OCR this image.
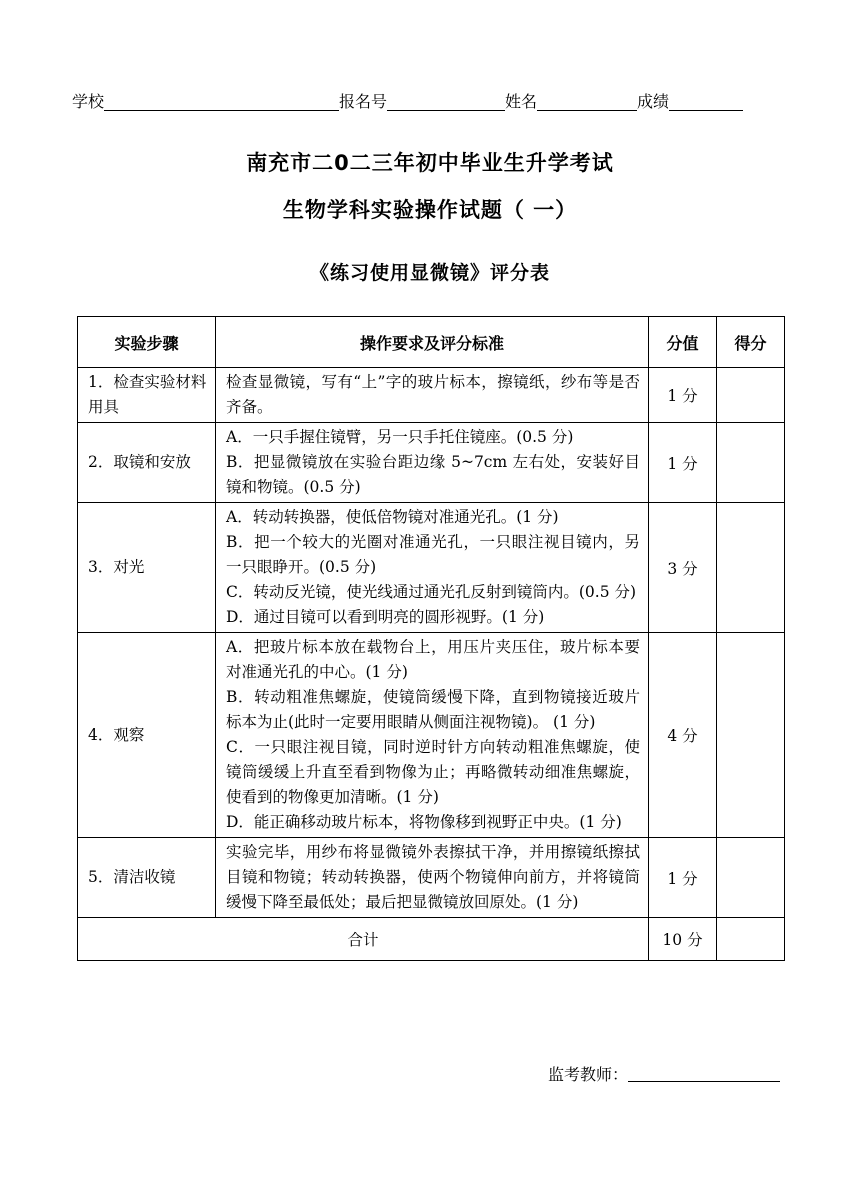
学校	报名号	姓名	成绩
南充市二0二三年初中毕业生升学考试
生物学科实验操作试题（ 一）
《练习使用显微镜》评分表
实验步骤	操作要求及评分标准	分值	得分
1．检查实验材料用具	检查显微镜，写有“上”字的玻片标本，擦镜纸，纱布等是否齐备。	1 分	
2．取镜和安放	A．一只手握住镜臂，另一只手托住镜座。(0.5 分)

B．把显微镜放在实验台距边缘 5~7cm 左右处，安装好目镜和物镜。(0.5 分)	1 分	
3．对光	A．转动转换器，使低倍物镜对准通光孔。(1 分)

B．把一个较大的光圈对准通光孔，一只眼注视目镜内，另一只眼睁开。(0.5 分)

C．转动反光镜，使光线通过通光孔反射到镜筒内。(0.5 分)

D．通过目镜可以看到明亮的圆形视野。(1 分)	3 分	
4．观察	A．把玻片标本放在载物台上，用压片夹压住，玻片标本要对准通光孔的中心。(1 分)

B．转动粗准焦螺旋，使镜筒缓慢下降，直到物镜接近玻片标本为止(此时一定要用眼睛从侧面注视物镜)。 (1 分)

C．一只眼注视目镜，同时逆时针方向转动粗准焦螺旋，使镜筒缓缓上升直至看到物像为止；再略微转动细准焦螺旋，使看到的物像更加清晰。(1 分)

D．能正确移动玻片标本，将物像移到视野正中央。(1 分)	4 分	
5．清洁收镜	实验完毕，用纱布将显微镜外表擦拭干净，并用擦镜纸擦拭目镜和物镜；转动转换器，使两个物镜伸向前方，并将镜筒缓慢下降至最低处；最后把显微镜放回原处。(1 分)	1 分	
合计		10 分	
监考教师：
